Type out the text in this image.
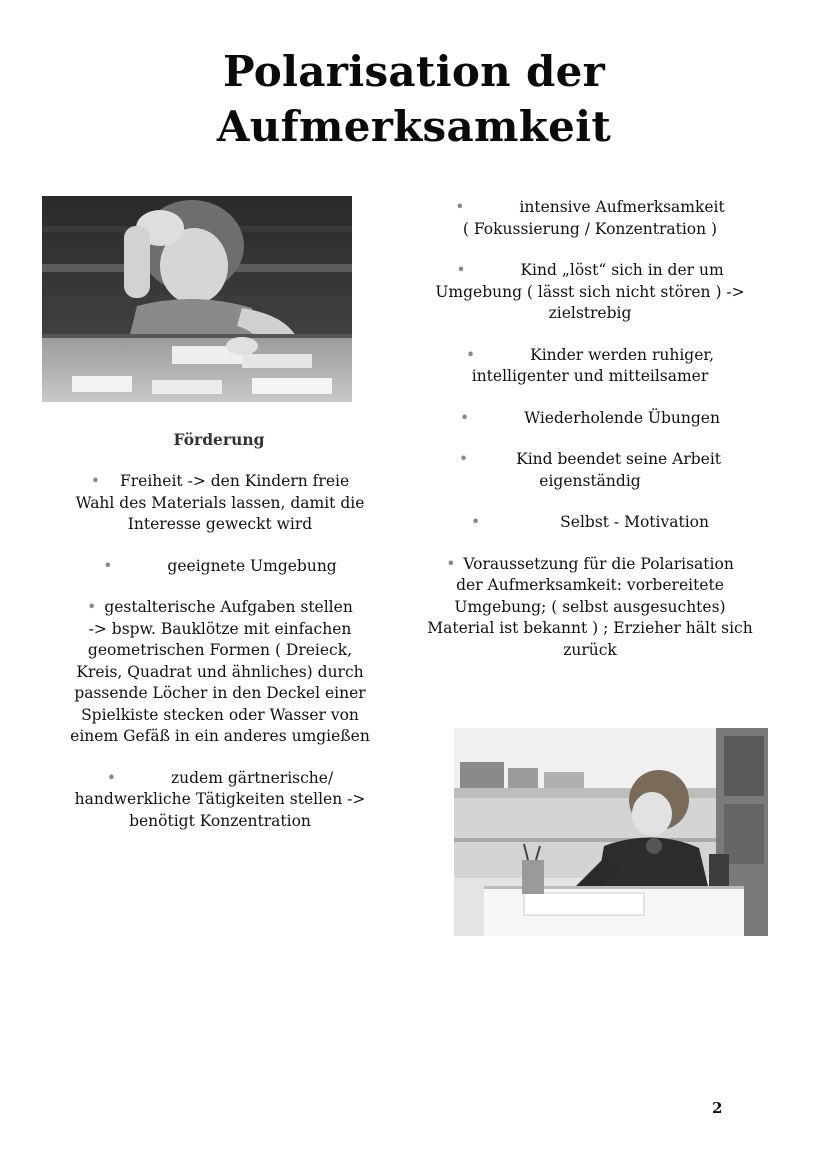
Polarisation der
Aufmerksamkeit
Förderung
• Freiheit -> den Kindern freie
Wahl des Materials lassen, damit die
Interesse geweckt wird
•	geeignete Umgebung
• gestalterische Aufgaben stellen
-> bspw. Bauklötze mit einfachen
geometrischen Formen ( Dreieck,
Kreis, Quadrat und ähnliches) durch
passende Löcher in den Deckel einer
Spielkiste stecken oder Wasser von
einem Gefäß in ein anderes umgießen
•	zudem gärtnerische/
handwerkliche Tätigkeiten stellen ->
benötigt Konzentration
•	intensive Aufmerksamkeit
( Fokussierung / Konzentration )
•	Kind „löst“ sich in der um
Umgebung ( lässt sich nicht stören ) ->
zielstrebig
•	Kinder werden ruhiger,
intelligenter und mitteilsamer
•	Wiederholende Übungen
•	Kind beendet seine Arbeit
eigenständig
•	Selbst - Motivation
• Voraussetzung für die Polarisation
der Aufmerksamkeit: vorbereitete
Umgebung; ( selbst ausgesuchtes)
Material ist bekannt ) ; Erzieher hält sich
zurück
2
